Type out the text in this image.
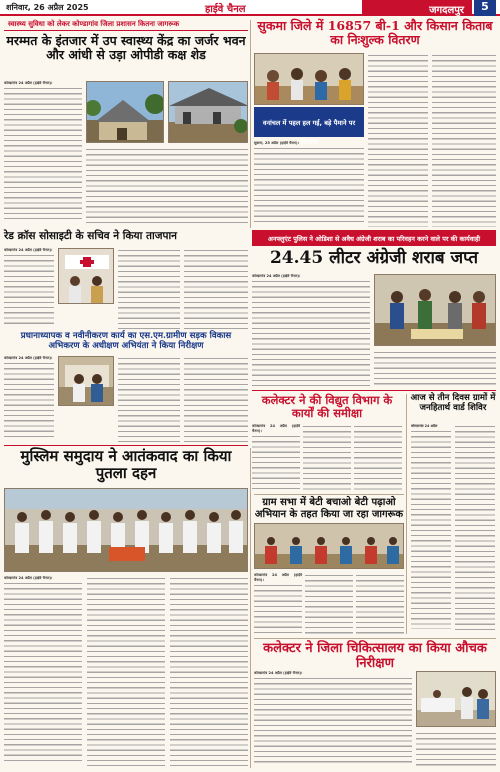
शनिवार, 26 अप्रैल 2025	हाईवे चैनल	जगदलपुर	5
स्वास्थ्य सुविधा को लेकर कोण्डागांव जिला प्रशासन कितना जागरूक
मरम्मत के इंतजार में उप स्वास्थ्य केंद्र का जर्जर भवन और आंधी से उड़ा ओपीडी कक्ष शेड
कोण्डागांव 24 अप्रैल (हाईवे चैनल)।
सुकमा जिले में 16857 बी-1 और किसान किताब का निःशुल्क वितरण
वनांचल में पहल हल गई, बड़े पैमाने पर वितरण
सुकमा, 25 अप्रैल (हाईवे चैनल)।
रेड क्रॉस सोसाइटी के सचिव ने किया ताजपान
कोण्डागांव 24 अप्रैल (हाईवे चैनल)।
अनफ्लुएंट पुलिस ने ओडिशा से अवैध अंग्रेजी शराब का परिवहन करने वाले पर की कार्यवाही
24.45 लीटर अंग्रेजी शराब जप्त
कोण्डागांव 24 अप्रैल (हाईवे चैनल)।
प्रधानाध्यापक व नवीनीकरण कार्य का एस.एम.ग्रामीण सड़क विकास अभिकरण के अधीक्षण अभियंता ने किया निरीक्षण
कोण्डागांव 24 अप्रैल (हाईवे चैनल)।
कलेक्टर ने की विद्युत विभाग के कार्यों की समीक्षा
कोण्डागांव 24 अप्रैल (हाईवे चैनल)।
आज से तीन दिवस ग्रामों में जनहितार्थ वार्ड शिविर
कोण्डागांव 24 अप्रैल
मुस्लिम समुदाय ने आतंकवाद का किया पुतला दहन
कोण्डागांव 24 अप्रैल (हाईवे चैनल)।
ग्राम सभा में बेटी बचाओ बेटी पढ़ाओ अभियान के तहत किया जा रहा जागरूक
कोण्डागांव 24 अप्रैल (हाईवे चैनल)।
कलेक्टर ने जिला चिकित्सालय का किया औचक निरीक्षण
कोण्डागांव 24 अप्रैल (हाईवे चैनल)।
